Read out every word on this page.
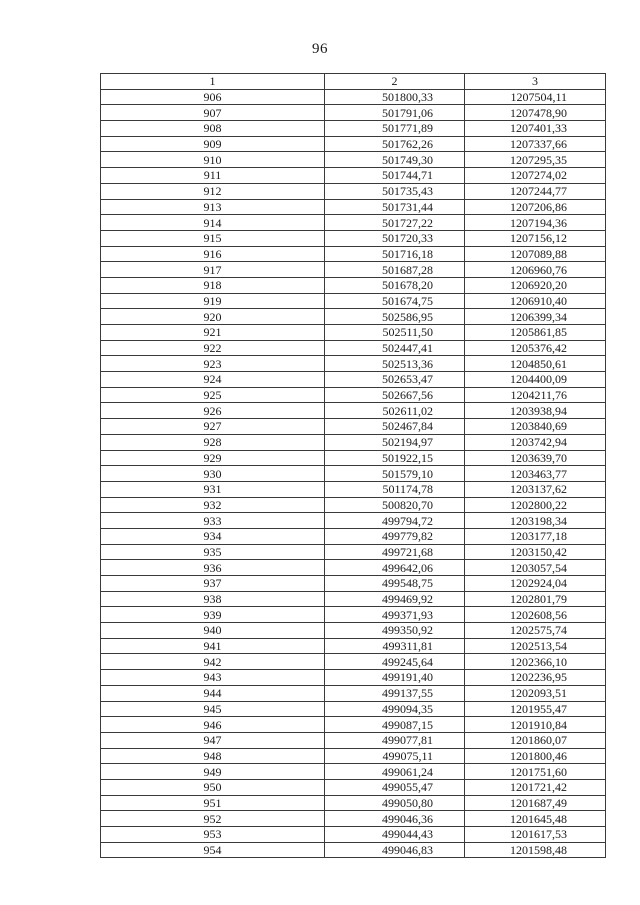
96
1	2	3
906	501800,33	1207504,11
907	501791,06	1207478,90
908	501771,89	1207401,33
909	501762,26	1207337,66
910	501749,30	1207295,35
911	501744,71	1207274,02
912	501735,43	1207244,77
913	501731,44	1207206,86
914	501727,22	1207194,36
915	501720,33	1207156,12
916	501716,18	1207089,88
917	501687,28	1206960,76
918	501678,20	1206920,20
919	501674,75	1206910,40
920	502586,95	1206399,34
921	502511,50	1205861,85
922	502447,41	1205376,42
923	502513,36	1204850,61
924	502653,47	1204400,09
925	502667,56	1204211,76
926	502611,02	1203938,94
927	502467,84	1203840,69
928	502194,97	1203742,94
929	501922,15	1203639,70
930	501579,10	1203463,77
931	501174,78	1203137,62
932	500820,70	1202800,22
933	499794,72	1203198,34
934	499779,82	1203177,18
935	499721,68	1203150,42
936	499642,06	1203057,54
937	499548,75	1202924,04
938	499469,92	1202801,79
939	499371,93	1202608,56
940	499350,92	1202575,74
941	499311,81	1202513,54
942	499245,64	1202366,10
943	499191,40	1202236,95
944	499137,55	1202093,51
945	499094,35	1201955,47
946	499087,15	1201910,84
947	499077,81	1201860,07
948	499075,11	1201800,46
949	499061,24	1201751,60
950	499055,47	1201721,42
951	499050,80	1201687,49
952	499046,36	1201645,48
953	499044,43	1201617,53
954	499046,83	1201598,48
